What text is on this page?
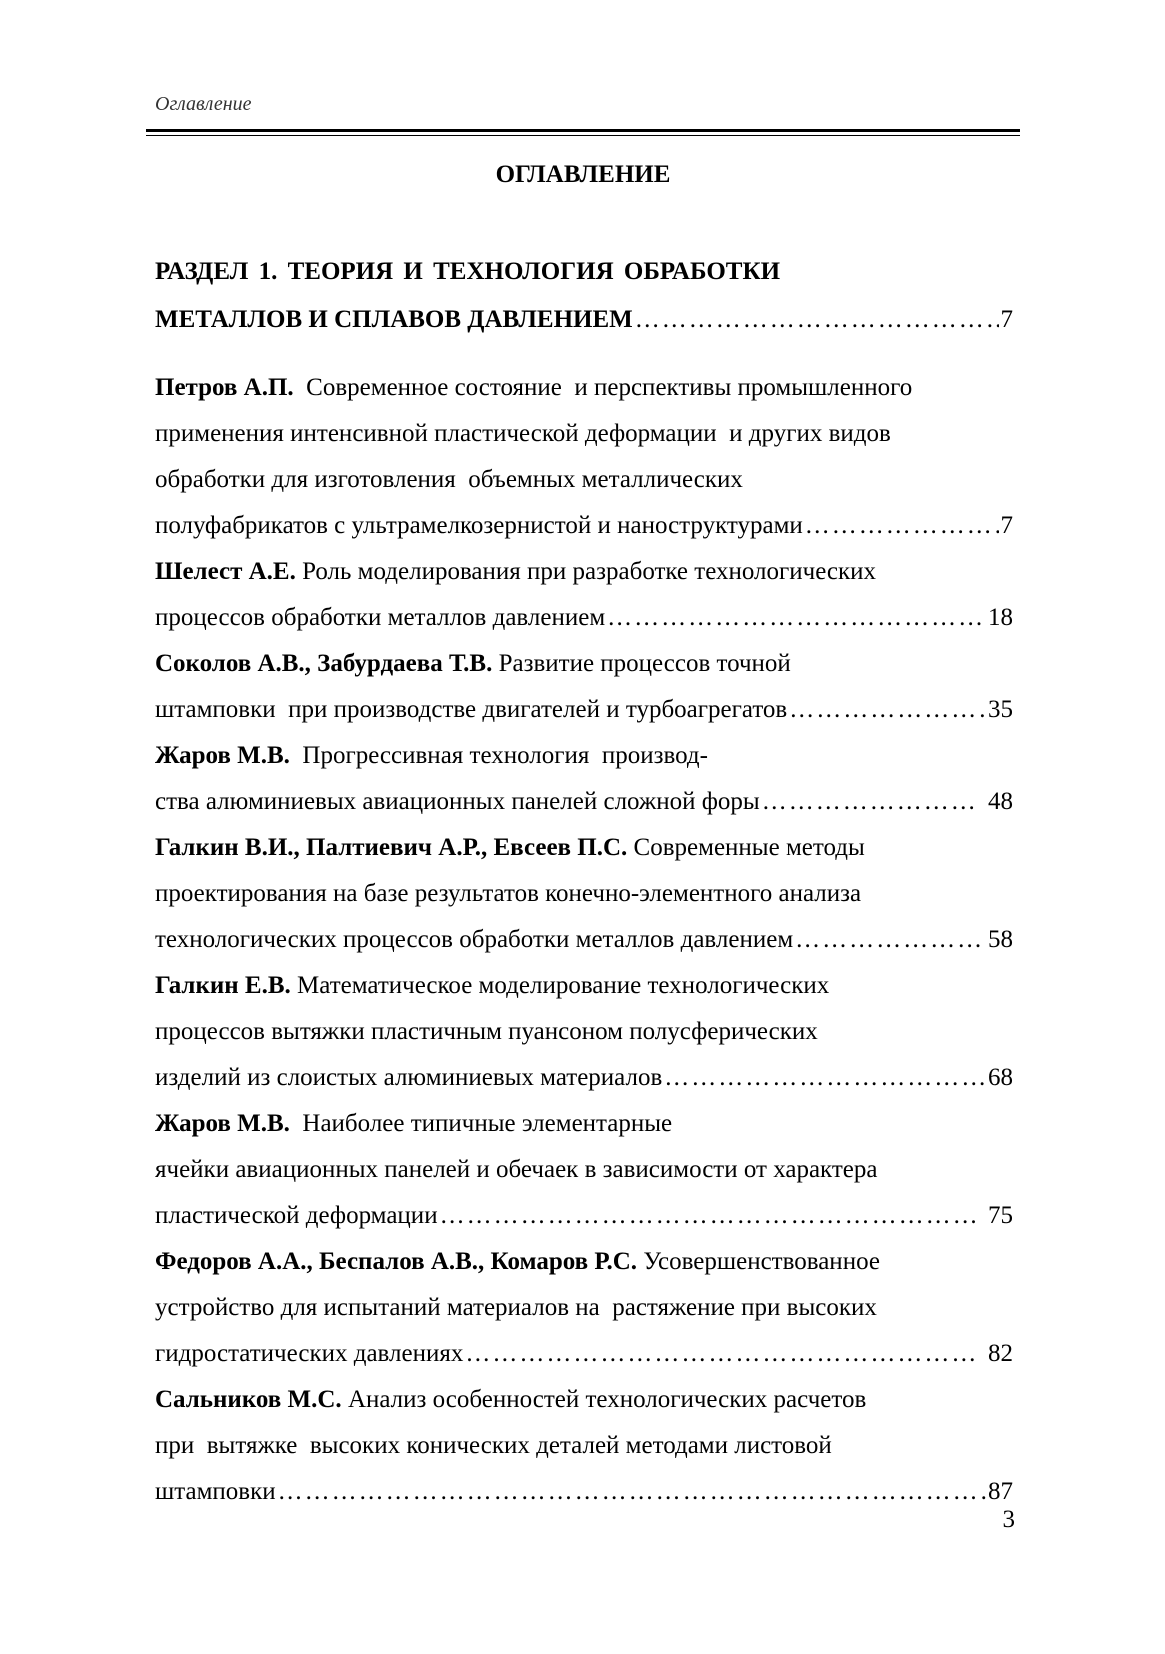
Оглавление
ОГЛАВЛЕНИЕ
РАЗДЕЛ 1. ТЕОРИЯ И ТЕХНОЛОГИЯ ОБРАБОТКИ
МЕТАЛЛОВ И СПЛАВОВ ДАВЛЕНИЕМ ………………………………………………………………………………………………………………………………………………………………	7
Петров А.П.  Современное состояние  и перспективы промышленного
применения интенсивной пластической деформации  и других видов
обработки для изготовления  объемных металлических
полуфабрикатов с ультрамелкозернистой и наноструктурами ………………………………………………………………………………………………………………………………………………………………	7
Шелест А.Е. Роль моделирования при разработке технологических
процессов обработки металлов давлением ………………………………………………………………………………………………………………………………………………………………	18
Соколов А.В., Забурдаева Т.В. Развитие процессов точной
штамповки  при производстве двигателей и турбоагрегатов ………………………………………………………………………………………………………………………………………………………………	35
Жаров М.В.  Прогрессивная технология  производ-
ства алюминиевых авиационных панелей сложной форы ………………………………………………………………………………………………………………………………………………………………	48
Галкин В.И., Палтиевич А.Р., Евсеев П.С. Современные методы
проектирования на базе результатов конечно-элементного анализа
технологических процессов обработки металлов давлением ………………………………………………………………………………………………………………………………………………………………	58
Галкин Е.В. Математическое моделирование технологических
процессов вытяжки пластичным пуансоном полусферических
изделий из слоистых алюминиевых материалов ………………………………………………………………………………………………………………………………………………………………	68
Жаров М.В.  Наиболее типичные элементарные
ячейки авиационных панелей и обечаек в зависимости от характера
пластической деформации ………………………………………………………………………………………………………………………………………………………………	75
Федоров А.А., Беспалов А.В., Комаров Р.С. Усовершенствованное
устройство для испытаний материалов на  растяжение при высоких
гидростатических давлениях ………………………………………………………………………………………………………………………………………………………………	82
Сальников М.С. Анализ особенностей технологических расчетов
при  вытяжке  высоких конических деталей методами листовой
штамповки ………………………………………………………………………………………………………………………………………………………………	87
3
